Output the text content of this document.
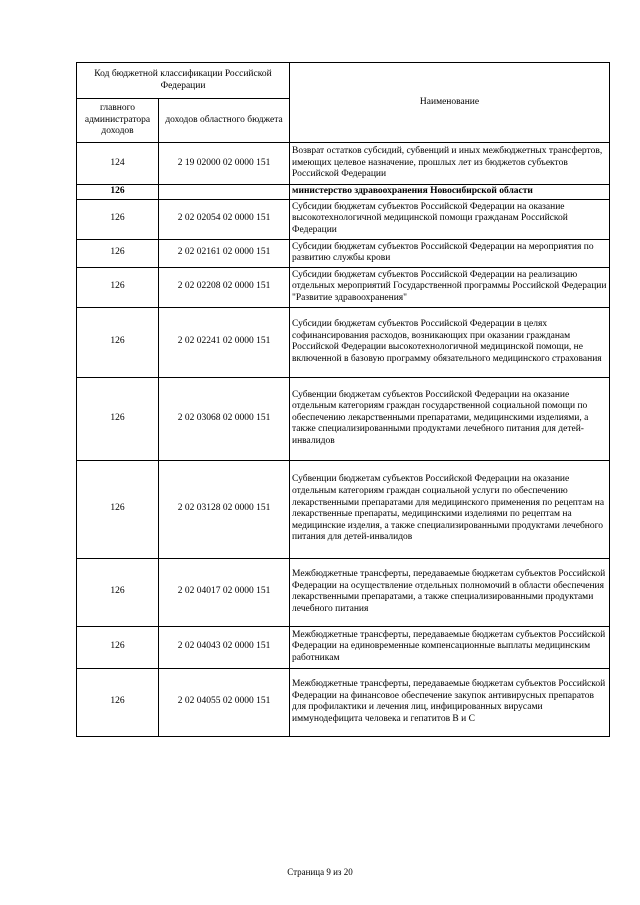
Код бюджетной классификации Российской Федерации		Наименование
главного администратора доходов	доходов областного бюджета	
124	2 19 02000 02 0000 151	Возврат остатков субсидий, субвенций и иных межбюджетных трансфертов, имеющих целевое назначение, прошлых лет из бюджетов субъектов Российской Федерации
126		министерство здравоохранения Новосибирской области
126	2 02 02054 02 0000 151	Субсидии бюджетам субъектов Российской Федерации на оказание высокотехнологичной медицинской помощи гражданам Российской Федерации
126	2 02 02161 02 0000 151	Субсидии бюджетам субъектов Российской Федерации на мероприятия по развитию службы крови
126	2 02 02208 02 0000 151	Субсидии бюджетам субъектов Российской Федерации на реализацию отдельных мероприятий Государственной программы Российской Федерации "Развитие здравоохранения"
126	2 02 02241 02 0000 151	Субсидии бюджетам субъектов Российской Федерации в целях софинансирования расходов, возникающих при оказании гражданам Российской Федерации высокотехнологичной медицинской помощи, не включенной в базовую программу обязательного медицинского страхования
126	2 02 03068 02 0000 151	Субвенции бюджетам субъектов Российской Федерации на оказание отдельным категориям граждан государственной социальной помощи по обеспечению лекарственными препаратами, медицинскими изделиями, а также специализированными продуктами лечебного питания для детей-инвалидов
126	2 02 03128 02 0000 151	Субвенции бюджетам субъектов Российской Федерации на оказание отдельным категориям граждан социальной услуги по обеспечению лекарственными препаратами для медицинского применения по рецептам на лекарственные препараты, медицинскими изделиями по рецептам на медицинские изделия, а также специализированными продуктами лечебного питания для детей-инвалидов
126	2 02 04017 02 0000 151	Межбюджетные трансферты, передаваемые бюджетам субъектов Российской Федерации на осуществление отдельных полномочий в области обеспечения лекарственными препаратами, а также специализированными продуктами лечебного питания
126	2 02 04043 02 0000 151	Межбюджетные трансферты, передаваемые бюджетам субъектов Российской Федерации на единовременные компенсационные выплаты медицинским работникам
126	2 02 04055 02 0000 151	Межбюджетные трансферты, передаваемые бюджетам субъектов Российской Федерации на финансовое обеспечение закупок антивирусных препаратов для профилактики и лечения лиц, инфицированных вирусами иммунодефицита человека и гепатитов B и C
Страница 9 из 20
